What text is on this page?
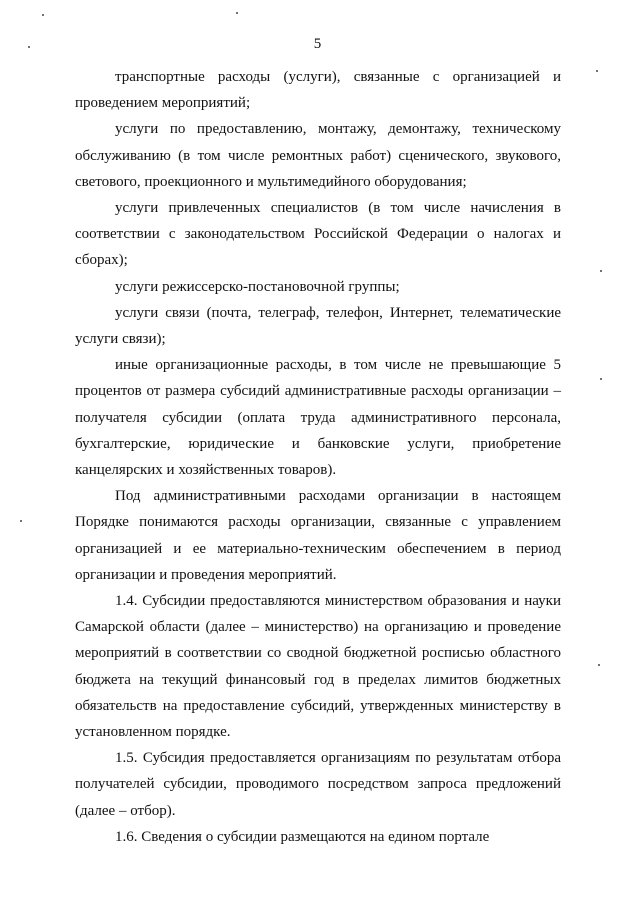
5

транспортные расходы (услуги), связанные с организацией и проведением мероприятий;

услуги по предоставлению, монтажу, демонтажу, техническому обслуживанию (в том числе ремонтных работ) сценического, звукового, светового, проекционного и мультимедийного оборудования;

услуги привлеченных специалистов (в том числе начисления в соответствии с законодательством Российской Федерации о налогах и сборах);

услуги режиссерско-постановочной группы;

услуги связи (почта, телеграф, телефон, Интернет, телематические услуги связи);

иные организационные расходы, в том числе не превышающие 5 процентов от размера субсидий административные расходы организации – получателя субсидии (оплата труда административного персонала, бухгалтерские, юридические и банковские услуги, приобретение канцелярских и хозяйственных товаров).

Под административными расходами организации в настоящем Порядке понимаются расходы организации, связанные с управлением организацией и ее материально-техническим обеспечением в период организации и проведения мероприятий.

1.4. Субсидии предоставляются министерством образования и науки Самарской области (далее – министерство) на организацию и проведение мероприятий в соответствии со сводной бюджетной росписью областного бюджета на текущий финансовый год в пределах лимитов бюджетных обязательств на предоставление субсидий, утвержденных министерству в установленном порядке.

1.5. Субсидия предоставляется организациям по результатам отбора получателей субсидии, проводимого посредством запроса предложений (далее – отбор).

1.6. Сведения о субсидии размещаются на едином портале
